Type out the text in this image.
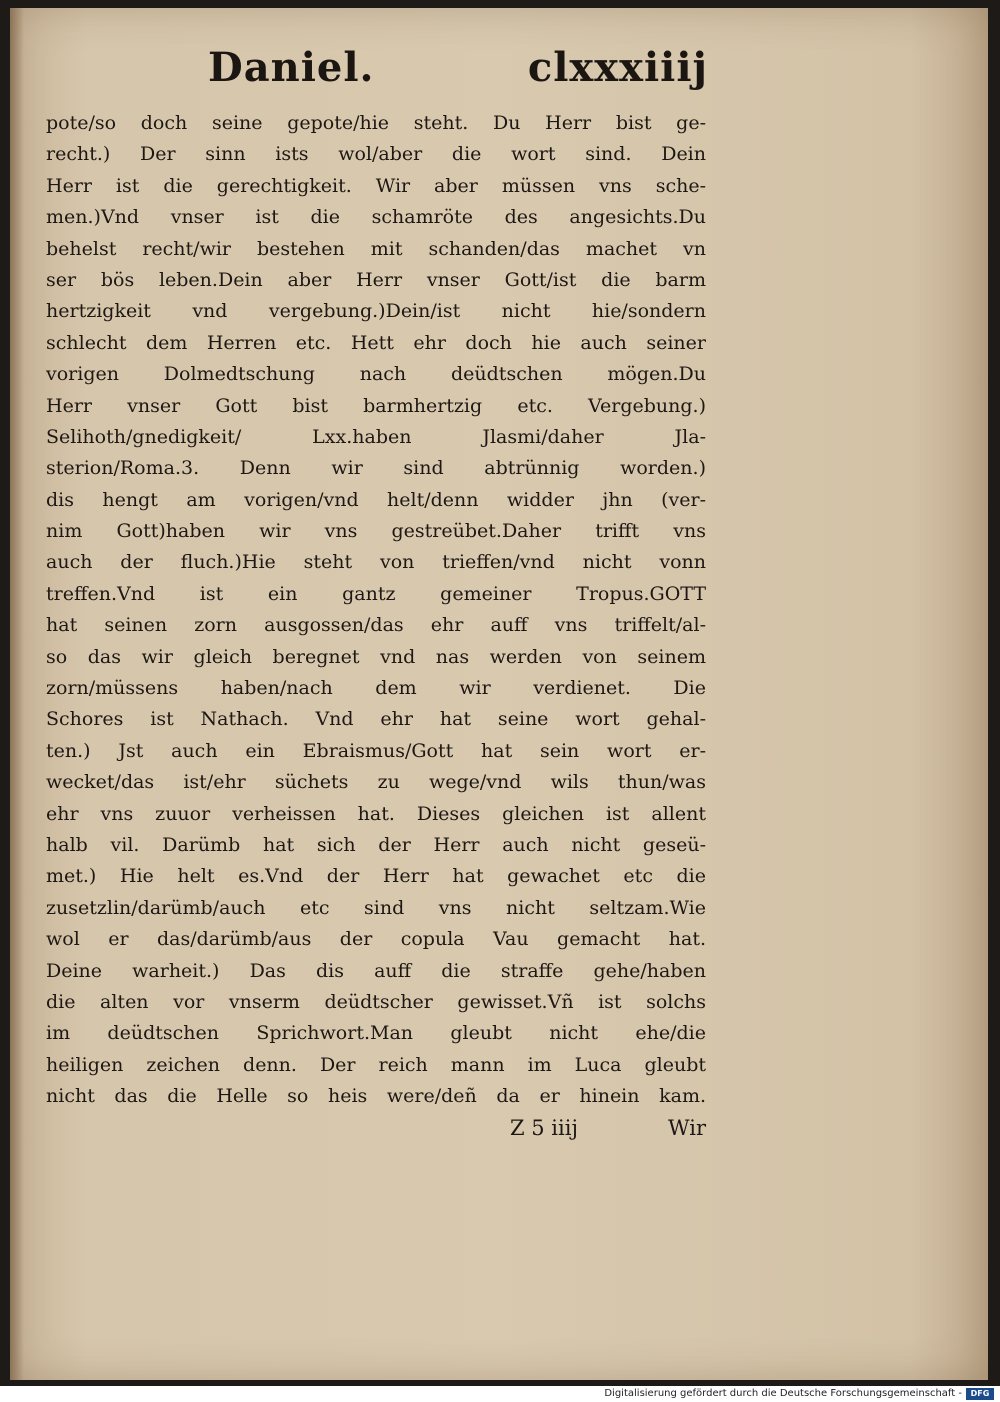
Daniel.	clxxxiiij
pote/so doch seine gepote/hie steht. Du Herr bist ge-
recht.) Der sinn ists wol/aber die wort sind. Dein
Herr ist die gerechtigkeit. Wir aber müssen vns sche-
men.)Vnd vnser ist die schamröte des angesichts.Du
behelst recht/wir bestehen mit schanden/das machet vn
ser bös leben.Dein aber Herr vnser Gott/ist die barm
hertzigkeit vnd vergebung.)Dein/ist nicht hie/sondern
schlecht dem Herren etc. Hett ehr doch hie auch seiner
vorigen Dolmedtschung nach deüdtschen mögen.Du
Herr vnser Gott bist barmhertzig etc. Vergebung.)
Selihoth/gnedigkeit/ Lxx.haben Jlasmi/daher Jla-
sterion/Roma.3. Denn wir sind abtrünnig worden.)
dis hengt am vorigen/vnd helt/denn widder jhn (ver-
nim Gott)haben wir vns gestreübet.Daher trifft vns
auch der fluch.)Hie steht von trieffen/vnd nicht vonn
treffen.Vnd ist ein gantz gemeiner Tropus.GOTT
hat seinen zorn ausgossen/das ehr auff vns triffelt/al-
so das wir gleich beregnet vnd nas werden von seinem
zorn/müssens haben/nach dem wir verdienet. Die
Schores ist Nathach. Vnd ehr hat seine wort gehal-
ten.) Jst auch ein Ebraismus/Gott hat sein wort er-
wecket/das ist/ehr süchets zu wege/vnd wils thun/was
ehr vns zuuor verheissen hat. Dieses gleichen ist allent
halb vil. Darümb hat sich der Herr auch nicht geseü-
met.) Hie helt es.Vnd der Herr hat gewachet etc die
zusetzlin/darümb/auch etc sind vns nicht seltzam.Wie
wol er das/darümb/aus der copula Vau gemacht hat.
Deine warheit.) Das dis auff die straffe gehe/haben
die alten vor vnserm deüdtscher gewisset.Vñ ist solchs
im deüdtschen Sprichwort.Man gleubt nicht ehe/die
heiligen zeichen denn. Der reich mann im Luca gleubt
nicht das die Helle so heis were/deñ da er hinein kam.
Z 5 iiij	Wir
Digitalisierung gefördert durch die Deutsche Forschungsgemeinschaft -	DFG
